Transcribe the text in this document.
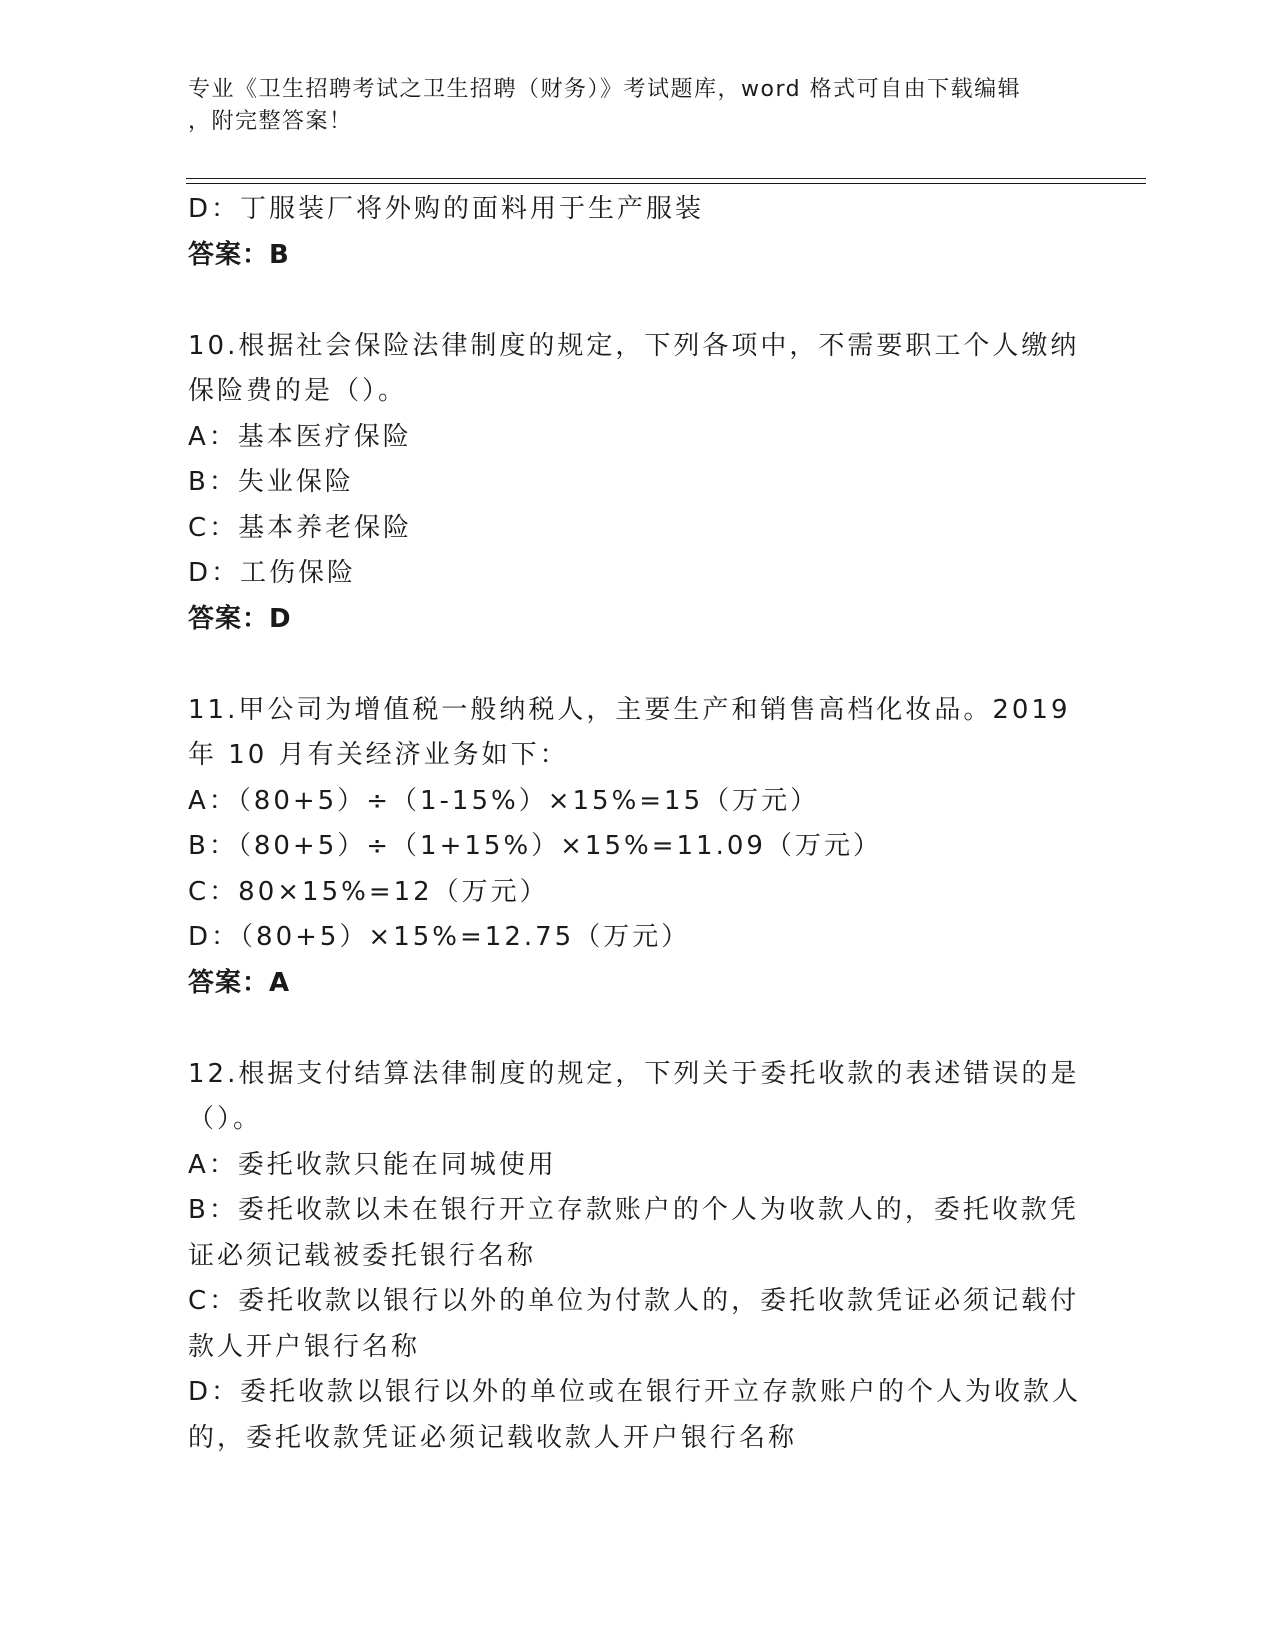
专业《卫生招聘考试之卫生招聘（财务）》考试题库，word 格式可自由下载编辑
，附完整答案！
D：丁服装厂将外购的面料用于生产服装
答案：B
10.根据社会保险法律制度的规定，下列各项中，不需要职工个人缴纳
保险费的是（）。
A：基本医疗保险
B：失业保险
C：基本养老保险
D：工伤保险
答案：D
11.甲公司为增值税一般纳税人，主要生产和销售高档化妆品。2019
年 10 月有关经济业务如下：
A：（80+5）÷（1-15%）×15%=15（万元）
B：（80+5）÷（1+15%）×15%=11.09（万元）
C：80×15%=12（万元）
D：（80+5）×15%=12.75（万元）
答案：A
12.根据支付结算法律制度的规定，下列关于委托收款的表述错误的是
（）。
A：委托收款只能在同城使用
B：委托收款以未在银行开立存款账户的个人为收款人的，委托收款凭
证必须记载被委托银行名称
C：委托收款以银行以外的单位为付款人的，委托收款凭证必须记载付
款人开户银行名称
D：委托收款以银行以外的单位或在银行开立存款账户的个人为收款人
的，委托收款凭证必须记载收款人开户银行名称
